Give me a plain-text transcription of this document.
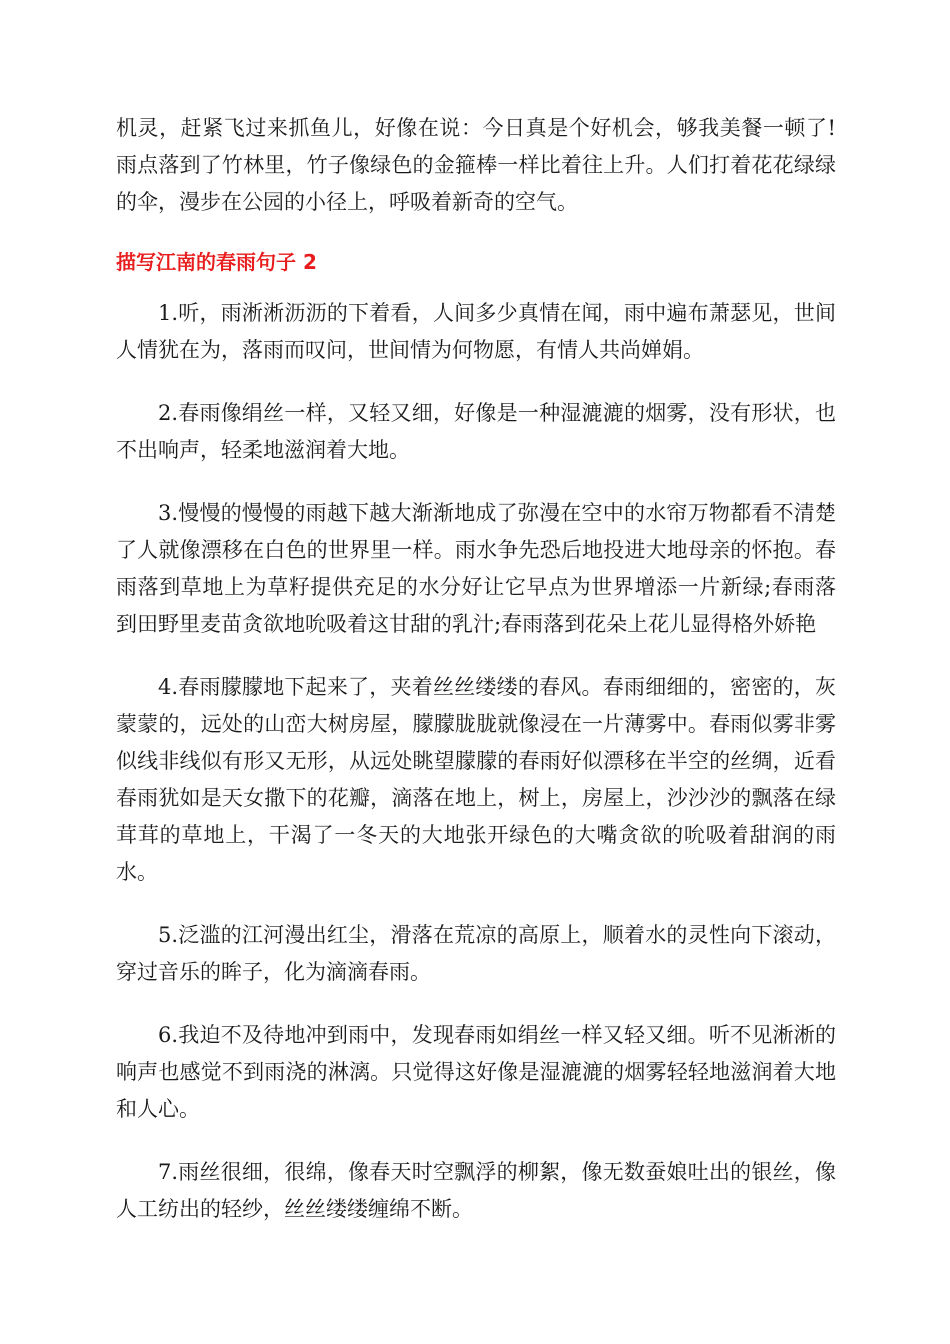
机灵，赶紧飞过来抓鱼儿，好像在说：今日真是个好机会，够我美餐一顿了!雨点落到了竹林里，竹子像绿色的金箍棒一样比着往上升。人们打着花花绿绿的伞，漫步在公园的小径上，呼吸着新奇的空气。

描写江南的春雨句子 2

1.听，雨淅淅沥沥的下着看，人间多少真情在闻，雨中遍布萧瑟见，世间人情犹在为，落雨而叹问，世间情为何物愿，有情人共尚婵娟。

2.春雨像绢丝一样，又轻又细，好像是一种湿漉漉的烟雾，没有形状，也不出响声，轻柔地滋润着大地。

3.慢慢的慢慢的雨越下越大渐渐地成了弥漫在空中的水帘万物都看不清楚了人就像漂移在白色的世界里一样。雨水争先恐后地投进大地母亲的怀抱。春雨落到草地上为草籽提供充足的水分好让它早点为世界增添一片新绿;春雨落到田野里麦苗贪欲地吮吸着这甘甜的乳汁;春雨落到花朵上花儿显得格外娇艳

4.春雨朦朦地下起来了，夹着丝丝缕缕的春风。春雨细细的，密密的，灰蒙蒙的，远处的山峦大树房屋，朦朦胧胧就像浸在一片薄雾中。春雨似雾非雾似线非线似有形又无形，从远处眺望朦朦的春雨好似漂移在半空的丝绸，近看春雨犹如是天女撒下的花瓣，滴落在地上，树上，房屋上，沙沙沙的飘落在绿茸茸的草地上，干渴了一冬天的大地张开绿色的大嘴贪欲的吮吸着甜润的雨水。

5.泛滥的江河漫出红尘，滑落在荒凉的高原上，顺着水的灵性向下滚动，穿过音乐的眸子，化为滴滴春雨。

6.我迫不及待地冲到雨中，发现春雨如绢丝一样又轻又细。听不见淅淅的响声也感觉不到雨浇的淋漓。只觉得这好像是湿漉漉的烟雾轻轻地滋润着大地和人心。

7.雨丝很细，很绵，像春天时空飘浮的柳絮，像无数蚕娘吐出的银丝，像人工纺出的轻纱，丝丝缕缕缠绵不断。
